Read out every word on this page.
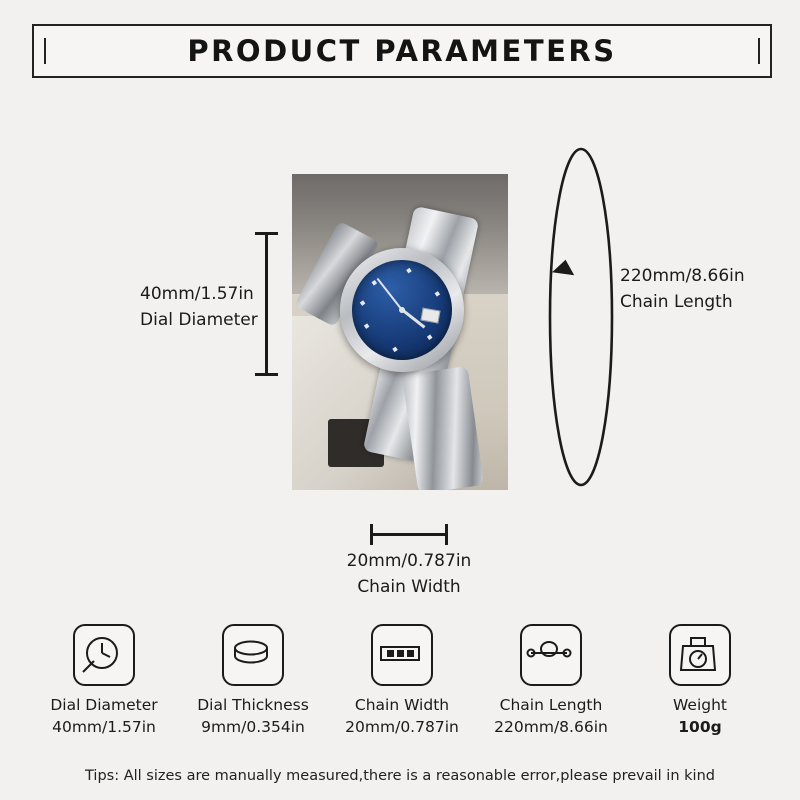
PRODUCT PARAMETERS
40mm/1.57in
Dial Diameter
220mm/8.66in
Chain Length
20mm/0.787in
Chain Width
Dial Diameter
40mm/1.57in
Dial Thickness
9mm/0.354in
Chain Width
20mm/0.787in
Chain Length
220mm/8.66in
Weight
100g
Tips: All sizes are manually measured,there is a reasonable error,please prevail in kind
